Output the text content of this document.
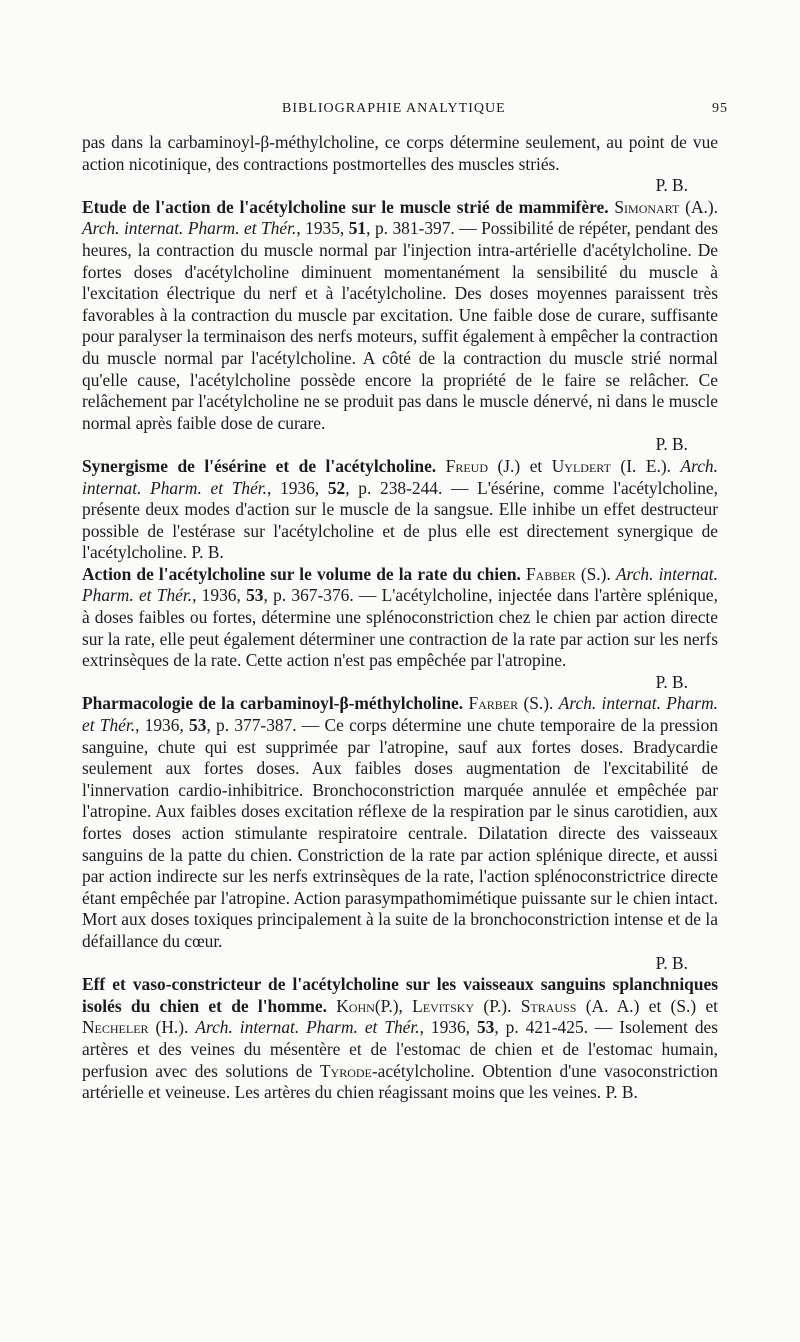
BIBLIOGRAPHIE ANALYTIQUE	95

pas dans la carbaminoyl-β-méthylcholine, ce corps détermine seulement, au point de vue action nicotinique, des contractions postmortelles des muscles striés.
P. B.

Etude de l'action de l'acétylcholine sur le muscle strié de mammifère. Simonart (A.). Arch. internat. Pharm. et Thér., 1935, 51, p. 381-397. — Possibilité de répéter, pendant des heures, la contraction du muscle normal par l'injection intra-artérielle d'acétylcholine. De fortes doses d'acétylcholine diminuent momentanément la sensibilité du muscle à l'excitation électrique du nerf et à l'acétylcholine. Des doses moyennes paraissent très favorables à la contraction du muscle par excitation. Une faible dose de curare, suffisante pour paralyser la terminaison des nerfs moteurs, suffit également à empêcher la contraction du muscle normal par l'acétylcholine. A côté de la contraction du muscle strié normal qu'elle cause, l'acétylcholine possède encore la propriété de le faire se relâcher. Ce relâchement par l'acétylcholine ne se produit pas dans le muscle dénervé, ni dans le muscle normal après faible dose de curare.
P. B.

Synergisme de l'ésérine et de l'acétylcholine. Freud (J.) et Uyldert (I. E.). Arch. internat. Pharm. et Thér., 1936, 52, p. 238-244. — L'ésérine, comme l'acétylcholine, présente deux modes d'action sur le muscle de la sangsue. Elle inhibe un effet destructeur possible de l'estérase sur l'acétylcholine et de plus elle est directement synergique de l'acétylcholine. P. B.

Action de l'acétylcholine sur le volume de la rate du chien. Fabber (S.). Arch. internat. Pharm. et Thér., 1936, 53, p. 367-376. — L'acétylcholine, injectée dans l'artère splénique, à doses faibles ou fortes, détermine une splénoconstriction chez le chien par action directe sur la rate, elle peut également déterminer une contraction de la rate par action sur les nerfs extrinsèques de la rate. Cette action n'est pas empêchée par l'atropine.
P. B.

Pharmacologie de la carbaminoyl-β-méthylcholine. Farber (S.). Arch. internat. Pharm. et Thér., 1936, 53, p. 377-387. — Ce corps détermine une chute temporaire de la pression sanguine, chute qui est supprimée par l'atropine, sauf aux fortes doses. Bradycardie seulement aux fortes doses. Aux faibles doses augmentation de l'excitabilité de l'innervation cardio-inhibitrice. Bronchoconstriction marquée annulée et empêchée par l'atropine. Aux faibles doses excitation réflexe de la respiration par le sinus carotidien, aux fortes doses action stimulante respiratoire centrale. Dilatation directe des vaisseaux sanguins de la patte du chien. Constriction de la rate par action splénique directe, et aussi par action indirecte sur les nerfs extrinsèques de la rate, l'action splénoconstrictrice directe étant empêchée par l'atropine. Action parasympathomimétique puissante sur le chien intact. Mort aux doses toxiques principalement à la suite de la bronchoconstriction intense et de la défaillance du cœur.
P. B.

Eff et vaso-constricteur de l'acétylcholine sur les vaisseaux sanguins splanchniques isolés du chien et de l'homme. Kohn(P.), Levitsky (P.). Strauss (A. A.) et (S.) et Necheler (H.). Arch. internat. Pharm. et Thér., 1936, 53, p. 421-425. — Isolement des artères et des veines du mésentère et de l'estomac de chien et de l'estomac humain, perfusion avec des solutions de Tyrode-acétylcholine. Obtention d'une vasoconstriction artérielle et veineuse. Les artères du chien réagissant moins que les veines. P. B.
